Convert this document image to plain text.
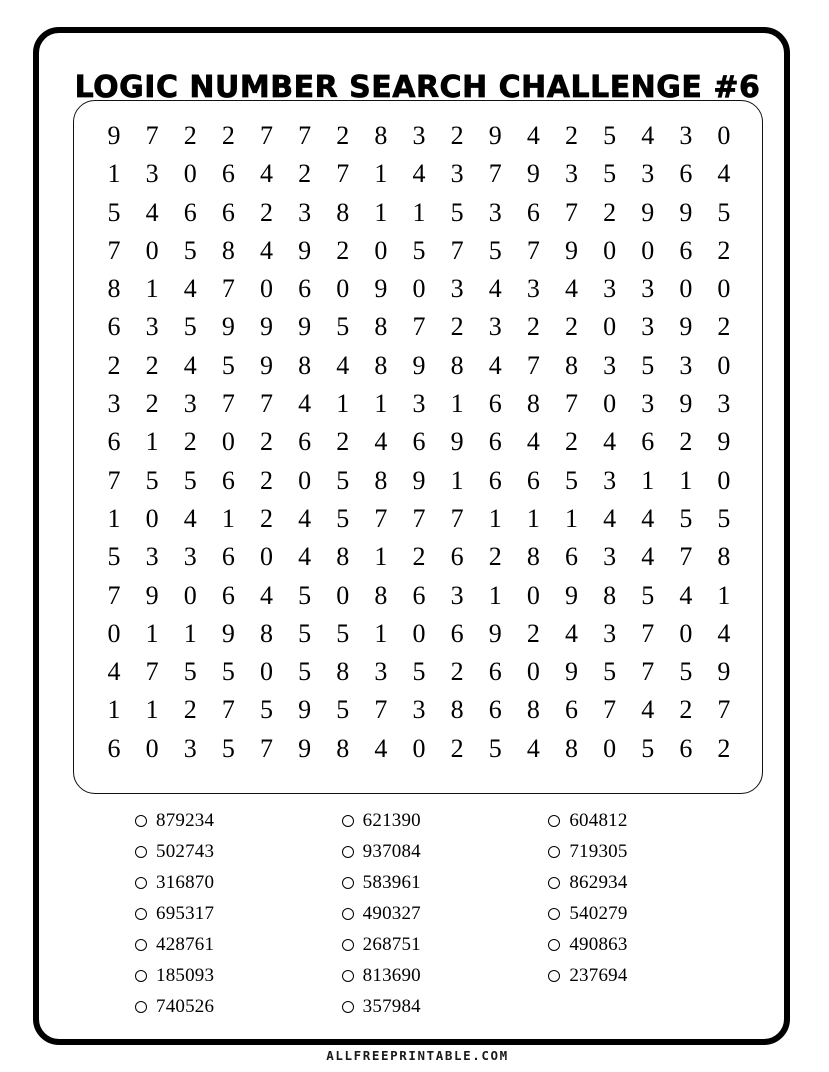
LOGIC NUMBER SEARCH CHALLENGE #6
9 7 2 2 7 7 2 8 3 2 9 4 2 5 4 3 0
1 3 0 6 4 2 7 1 4 3 7 9 3 5 3 6 4
5 4 6 6 2 3 8 1 1 5 3 6 7 2 9 9 5
7 0 5 8 4 9 2 0 5 7 5 7 9 0 0 6 2
8 1 4 7 0 6 0 9 0 3 4 3 4 3 3 0 0
6 3 5 9 9 9 5 8 7 2 3 2 2 0 3 9 2
2 2 4 5 9 8 4 8 9 8 4 7 8 3 5 3 0
3 2 3 7 7 4 1 1 3 1 6 8 7 0 3 9 3
6 1 2 0 2 6 2 4 6 9 6 4 2 4 6 2 9
7 5 5 6 2 0 5 8 9 1 6 6 5 3 1 1 0
1 0 4 1 2 4 5 7 7 7 1 1 1 4 4 5 5
5 3 3 6 0 4 8 1 2 6 2 8 6 3 4 7 8
7 9 0 6 4 5 0 8 6 3 1 0 9 8 5 4 1
0 1 1 9 8 5 5 1 0 6 9 2 4 3 7 0 4
4 7 5 5 0 5 8 3 5 2 6 0 9 5 7 5 9
1 1 2 7 5 9 5 7 3 8 6 8 6 7 4 2 7
6 0 3 5 7 9 8 4 0 2 5 4 8 0 5 6 2
879234
502743
316870
695317
428761
185093
740526
621390
937084
583961
490327
268751
813690
357984
604812
719305
862934
540279
490863
237694
ALLFREEPRINTABLE.COM
